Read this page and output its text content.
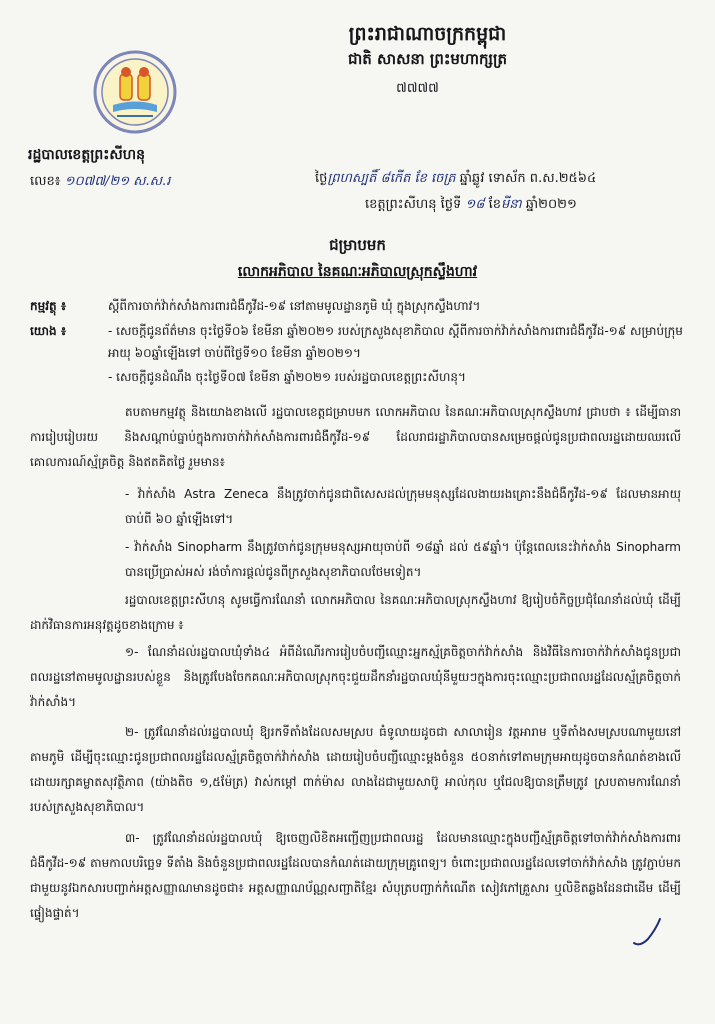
ព្រះរាជាណាចក្រកម្ពុជា
ជាតិ សាសនា ព្រះមហាក្សត្រ
៧៧៧៧
រដ្ឋបាលខេត្តព្រះសីហនុ
លេខ៖ ១០៧៧/២១ ស.ស.រ	ថ្ងៃព្រហស្បតិ៍ ៨កើត ខែ ចេត្រ ឆ្នាំឆ្លូវ ទោស័ក ព.ស.២៥៦៤
ខេត្តព្រះសីហនុ ថ្ងៃទី ១៨ ខែមីនា ឆ្នាំ២០២១
ជម្រាបមក
លោកអភិបាល នៃគណៈអភិបាលស្រុកស្ទឹងហាវ
កម្មវត្ថុ ៖	ស្តីពីការចាក់វ៉ាក់សាំងការពារជំងឺកូវីដ-១៩ នៅតាមមូលដ្ឋានភូមិ ឃុំ ក្នុងស្រុកស្ទឹងហាវ។
យោង ៖	- សេចក្តីជូនព័ត៌មាន ចុះថ្ងៃទី០៦ ខែមីនា ឆ្នាំ២០២១ របស់ក្រសួងសុខាភិបាល ស្តីពីការចាក់វ៉ាក់សាំងការពារជំងឺកូវីដ-១៩ សម្រាប់ក្រុមអាយុ ៦០ឆ្នាំឡើងទៅ ចាប់ពីថ្ងៃទី១០ ខែមីនា ឆ្នាំ២០២១។
- សេចក្តីជូនដំណឹង ចុះថ្ងៃទី០៧ ខែមីនា ឆ្នាំ២០២១ របស់រដ្ឋបាលខេត្តព្រះសីហនុ។
តបតាមកម្មវត្ថុ និងយោងខាងលើ រដ្ឋបាលខេត្តជម្រាបមក លោកអភិបាល នៃគណៈអភិបាលស្រុកស្ទឹងហាវ ជ្រាបថា ៖ ដើម្បីធានាការរៀបរៀបរយ និងសណ្តាប់ធ្នាប់ក្នុងការចាក់វ៉ាក់សាំងការពារជំងឺកូវីដ-១៩ ដែលរាជរដ្ឋាភិបាលបានសម្រេចផ្តល់ជូនប្រជាពលរដ្ឋដោយឈរលើគោលការណ៍ស្ម័គ្រចិត្ត និងឥតគិតថ្លៃ រួមមាន៖
- វ៉ាក់សាំង Astra Zeneca នឹងត្រូវចាក់ជូនជាពិសេសដល់ក្រុមមនុស្សដែលងាយរងគ្រោះនឹងជំងឺកូវីដ-១៩ ដែលមានអាយុចាប់ពី ៦០ ឆ្នាំឡើងទៅ។
- វ៉ាក់សាំង Sinopharm នឹងត្រូវចាក់ជូនក្រុមមនុស្សអាយុចាប់ពី ១៨ឆ្នាំ ដល់ ៥៩ឆ្នាំ។ ប៉ុន្តែពេលនេះវ៉ាក់សាំង Sinopharm បានប្រើប្រាស់អស់ រង់ចាំការផ្តល់ជូនពីក្រសួងសុខាភិបាលថែមទៀត។
រដ្ឋបាលខេត្តព្រះសីហនុ សូមធ្វើការណែនាំ លោកអភិបាល នៃគណៈអភិបាលស្រុកស្ទឹងហាវ ឱ្យរៀបចំកិច្ចប្រជុំណែនាំដល់ឃុំ ដើម្បីដាក់វិធានការអនុវត្តដូចខាងក្រោម ៖
១- ណែនាំដល់រដ្ឋបាលឃុំទាំង៤ អំពីដំណើរការរៀបចំបញ្ជីឈ្មោះអ្នកស្ម័គ្រចិត្តចាក់វ៉ាក់សាំង និងវិធីនៃការចាក់វ៉ាក់សាំងជូនប្រជាពលរដ្ឋនៅតាមមូលដ្ឋានរបស់ខ្លួន និងត្រូវបែងចែកគណៈអភិបាលស្រុកចុះជួយដឹកនាំរដ្ឋបាលឃុំនីមួយៗក្នុងការចុះឈ្មោះប្រជាពលរដ្ឋដែលស្ម័គ្រចិត្តចាក់វ៉ាក់សាំង។
២- ត្រូវណែនាំដល់រដ្ឋបាលឃុំ ឱ្យរកទីតាំងដែលសមស្រប ធំទូលាយដូចជា សាលារៀន វត្តអារាម ឬទីតាំងសមស្របណាមួយនៅតាមភូមិ ដើម្បីចុះឈ្មោះជូនប្រជាពលរដ្ឋដែលស្ម័គ្រចិត្តចាក់វ៉ាក់សាំង ដោយរៀបចំបញ្ជីឈ្មោះម្តងចំនួន ៥០នាក់ទៅតាមក្រុមអាយុដូចបានកំណត់ខាងលើ ដោយរក្សាគម្លាតសុវត្ថិភាព (យ៉ាងតិច ១,៥ម៉ែត្រ) វាស់កម្តៅ ពាក់ម៉ាស លាងដៃជាមួយសាប៊ូ អាល់កុល ឬជែលឱ្យបានត្រឹមត្រូវ ស្របតាមការណែនាំរបស់ក្រសួងសុខាភិបាល។
៣- ត្រូវណែនាំដល់រដ្ឋបាលឃុំ ឱ្យចេញលិខិតអញ្ជើញប្រជាពលរដ្ឋ ដែលមានឈ្មោះក្នុងបញ្ជីស្ម័គ្រចិត្តទៅចាក់វ៉ាក់សាំងការពារជំងឺកូវីដ-១៩ តាមកាលបរិច្ឆេទ ទីតាំង និងចំនួនប្រជាពលរដ្ឋដែលបានកំណត់ដោយក្រុមគ្រូពេទ្យ។ ចំពោះប្រជាពលរដ្ឋដែលទៅចាក់វ៉ាក់សាំង ត្រូវភ្ជាប់មកជាមួយនូវឯកសារបញ្ជាក់អត្តសញ្ញាណមានដូចជា៖ អត្តសញ្ញាណប័ណ្ណសញ្ជាតិខ្មែរ សំបុត្របញ្ជាក់កំណើត សៀវភៅគ្រួសារ ឬលិខិតឆ្លងដែនជាដើម ដើម្បីផ្ទៀងផ្ទាត់។
